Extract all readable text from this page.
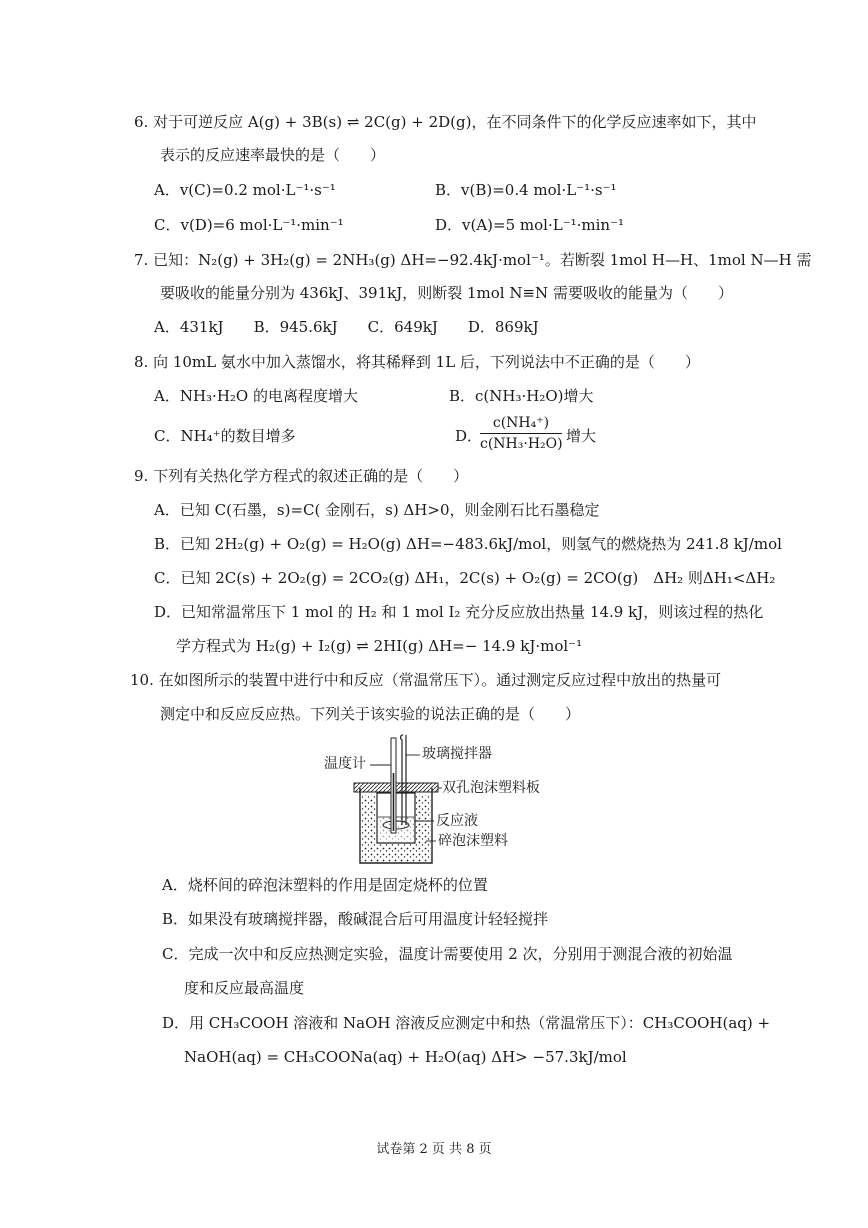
6. 对于可逆反应 A(g) + 3B(s) ⇌ 2C(g) + 2D(g)，在不同条件下的化学反应速率如下，其中
表示的反应速率最快的是（　　）
A．v(C)=0.2 mol·L⁻¹·s⁻¹	B．v(B)=0.4 mol·L⁻¹·s⁻¹
C．v(D)=6 mol·L⁻¹·min⁻¹	D．v(A)=5 mol·L⁻¹·min⁻¹
7. 已知：N₂(g) + 3H₂(g) = 2NH₃(g) ΔH=−92.4kJ·mol⁻¹。若断裂 1mol H—H、1mol N—H 需
要吸收的能量分别为 436kJ、391kJ，则断裂 1mol N≡N 需要吸收的能量为（　　）
A．431kJ　　B．945.6kJ　　C．649kJ　　D．869kJ
8. 向 10mL 氨水中加入蒸馏水，将其稀释到 1L 后，下列说法中不正确的是（　　）
A．NH₃·H₂O 的电离程度增大	B．c(NH₃·H₂O)增大
C．NH₄⁺的数目增多	D．
$\frac{\text{c(NH₄⁺)}}{\text{c(NH₃·H₂O)}}$ 增大
9. 下列有关热化学方程式的叙述正确的是（　　）
A．已知 C(石墨，s)=C( 金刚石，s) ΔH>0，则金刚石比石墨稳定
B．已知 2H₂(g) + O₂(g) = H₂O(g) ΔH=−483.6kJ/mol，则氢气的燃烧热为 241.8 kJ/mol
C．已知 2C(s) + 2O₂(g) = 2CO₂(g) ΔH₁，2C(s) + O₂(g) = 2CO(g)　ΔH₂ 则ΔH₁<ΔH₂
D．已知常温常压下 1 mol 的 H₂ 和 1 mol I₂ 充分反应放出热量 14.9 kJ，则该过程的热化
学方程式为 H₂(g) + I₂(g) ⇌ 2HI(g) ΔH=− 14.9 kJ·mol⁻¹
10. 在如图所示的装置中进行中和反应（常温常压下）。通过测定反应过程中放出的热量可
测定中和反应反应热。下列关于该实验的说法正确的是（　　）
温度计
玻璃搅拌器
双孔泡沫塑料板
反应液
碎泡沫塑料
A．烧杯间的碎泡沫塑料的作用是固定烧杯的位置
B．如果没有玻璃搅拌器，酸碱混合后可用温度计轻轻搅拌
C．完成一次中和反应热测定实验，温度计需要使用 2 次，分别用于测混合液的初始温
度和反应最高温度
D．用 CH₃COOH 溶液和 NaOH 溶液反应测定中和热（常温常压下）：CH₃COOH(aq) +
NaOH(aq) = CH₃COONa(aq) + H₂O(aq) ΔH> −57.3kJ/mol
试卷第 2 页 共 8 页
